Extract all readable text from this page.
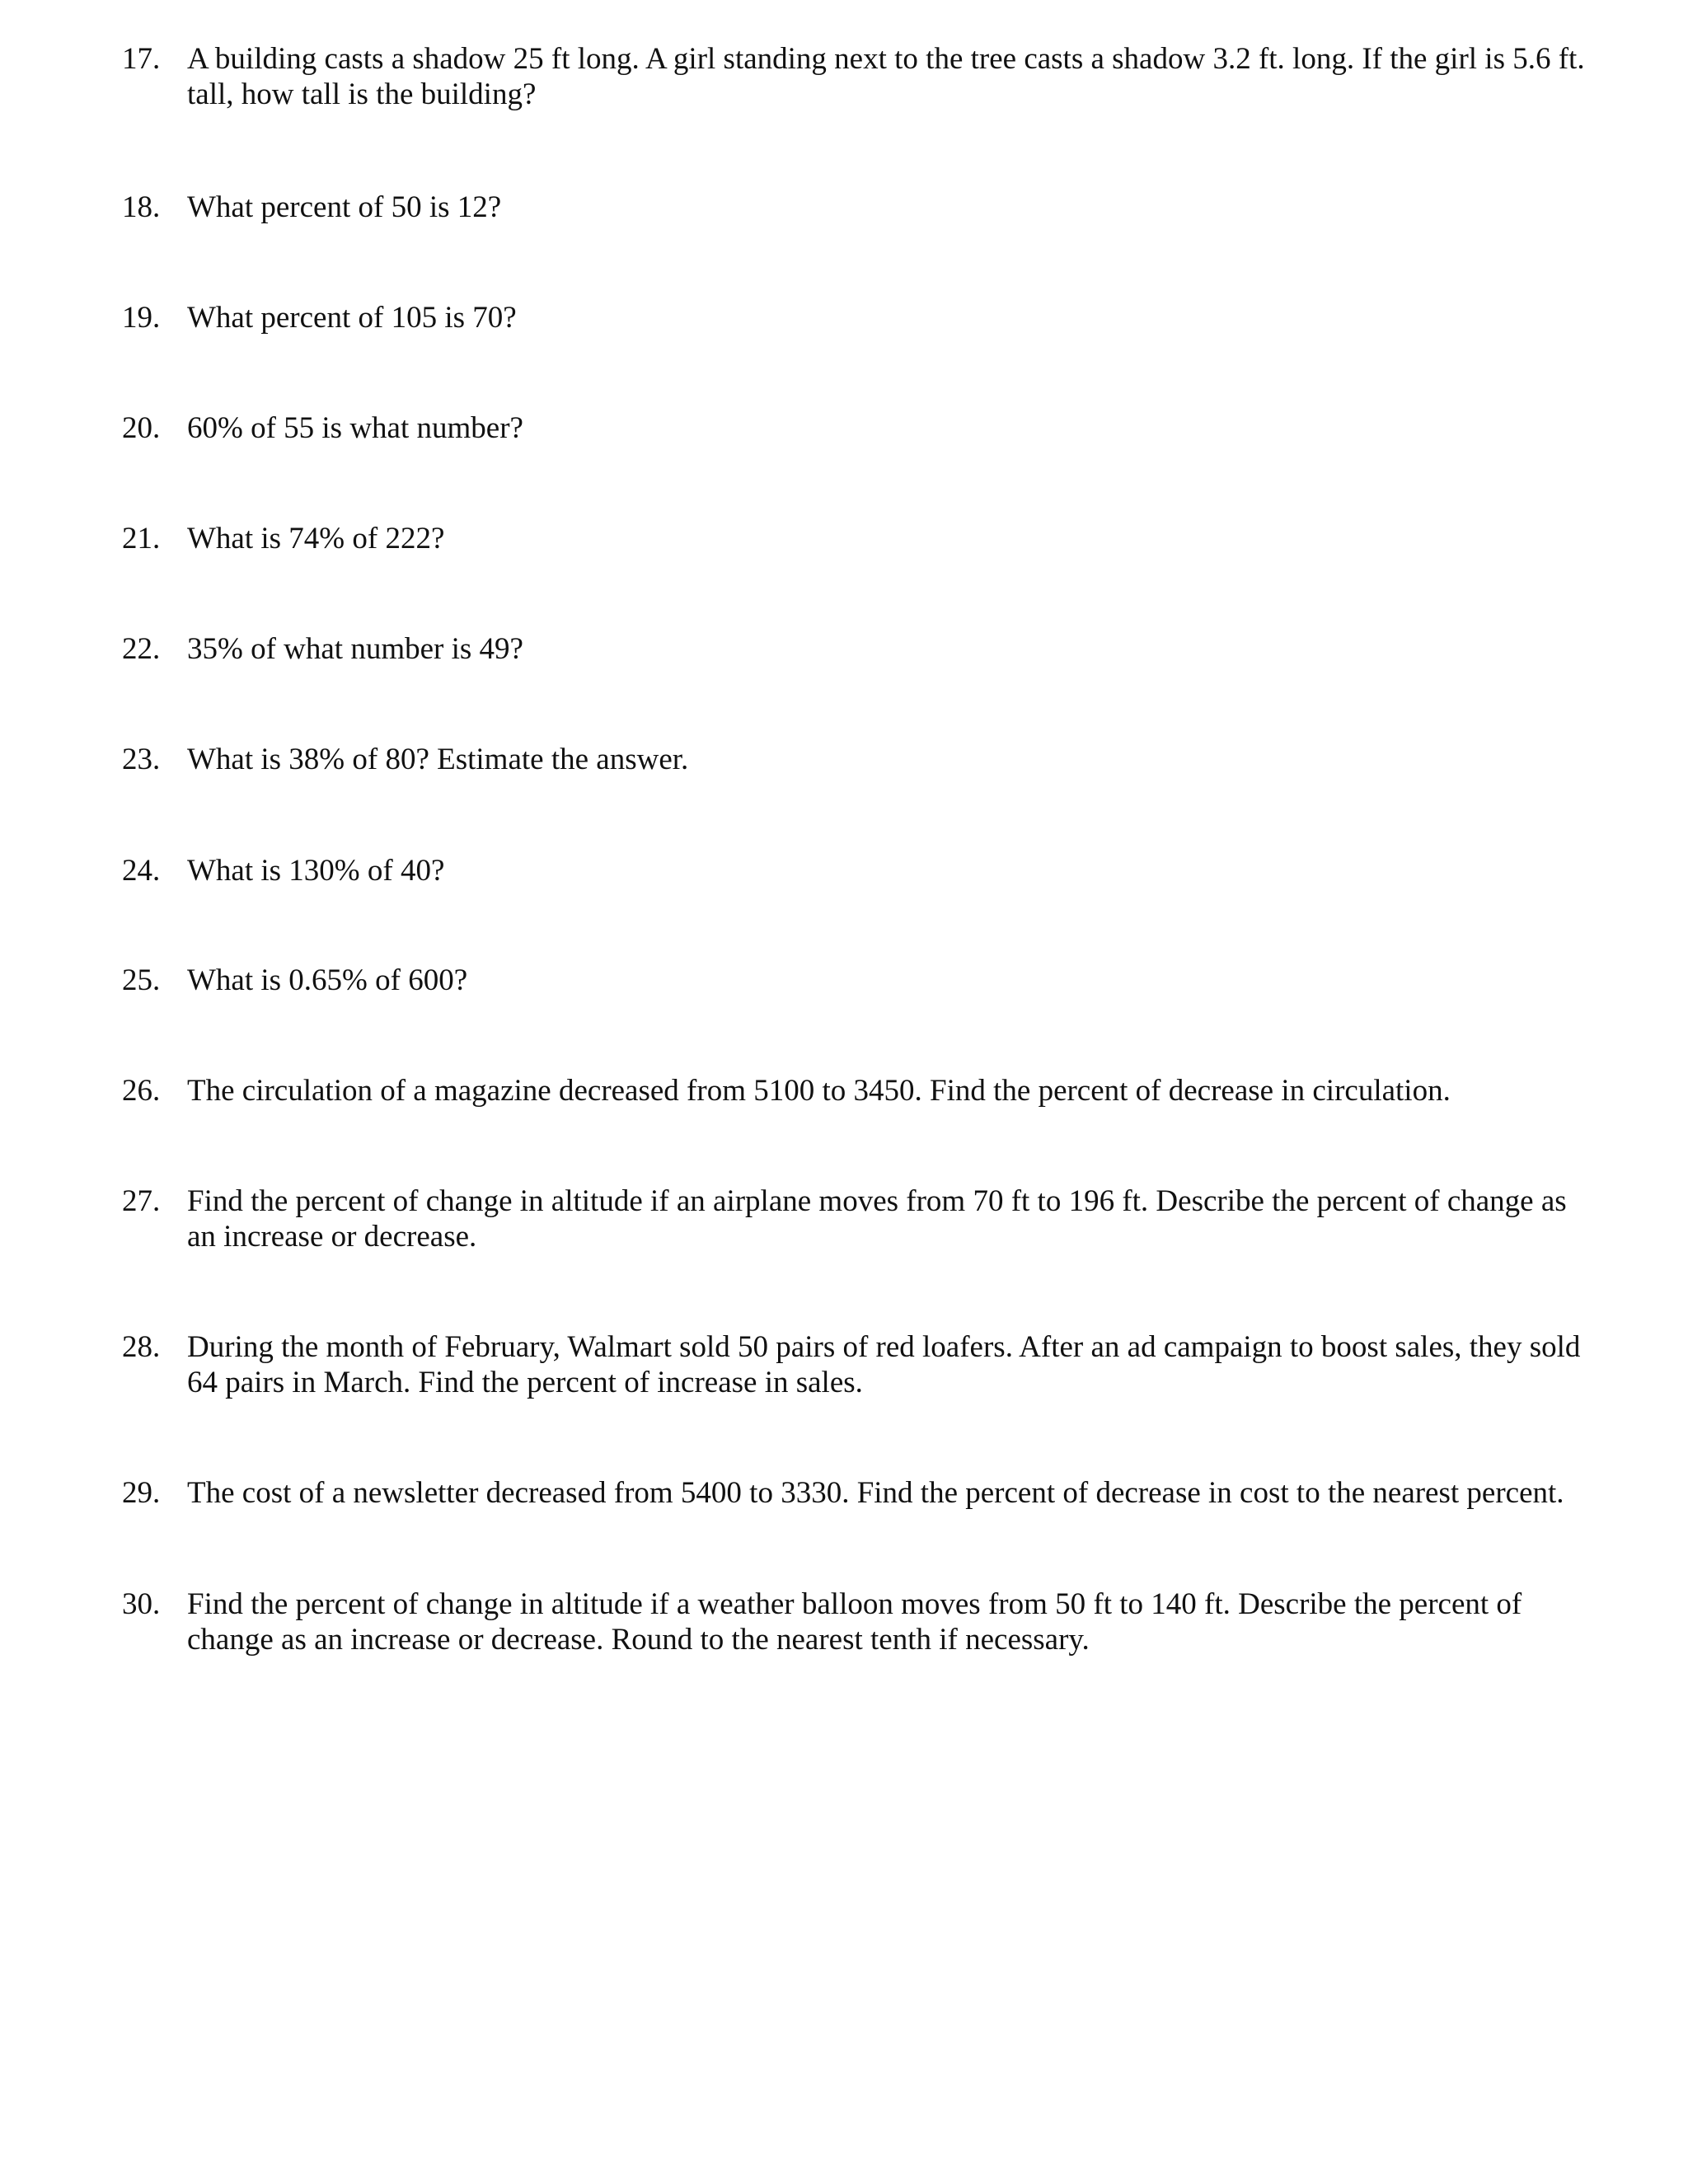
17. A building casts a shadow 25 ft long. A girl standing next to the tree casts a shadow 3.2 ft. long. If the girl is 5.6 ft. tall, how tall is the building?
18. What percent of 50 is 12?
19. What percent of 105 is 70?
20. 60% of 55 is what number?
21. What is 74% of 222?
22. 35% of what number is 49?
23. What is 38% of 80? Estimate the answer.
24. What is 130% of 40?
25. What is 0.65% of 600?
26. The circulation of a magazine decreased from 5100 to 3450. Find the percent of decrease in circulation.
27. Find the percent of change in altitude if an airplane moves from 70 ft to 196 ft. Describe the percent of change as an increase or decrease.
28. During the month of February, Walmart sold 50 pairs of red loafers. After an ad campaign to boost sales, they sold 64 pairs in March. Find the percent of increase in sales.
29. The cost of a newsletter decreased from 5400 to 3330. Find the percent of decrease in cost to the nearest percent.
30. Find the percent of change in altitude if a weather balloon moves from 50 ft to 140 ft. Describe the percent of change as an increase or decrease. Round to the nearest tenth if necessary.
